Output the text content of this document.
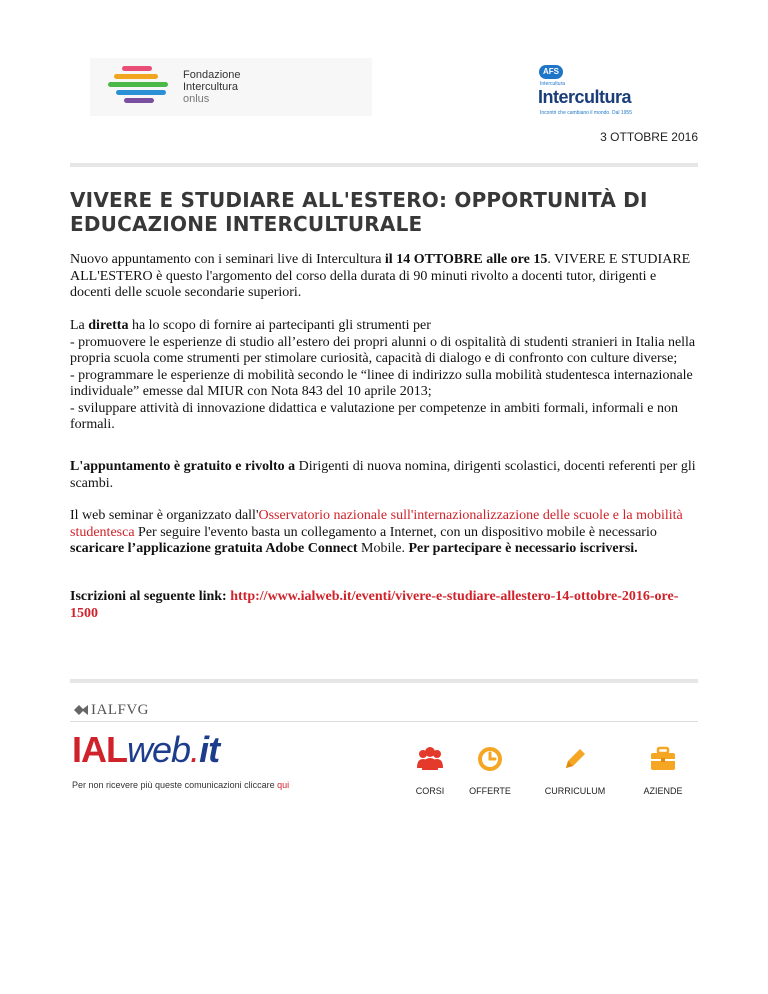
Fondazione
Intercultura
onlus
AFS
Intercultura
Intercultura
Incontri che cambiano il mondo. Dal 1955
3 OTTOBRE 2016
VIVERE E STUDIARE ALL'ESTERO: OPPORTUNITÀ DI EDUCAZIONE INTERCULTURALE

Nuovo appuntamento con i seminari live di Intercultura il 14 OTTOBRE alle ore 15. VIVERE E STUDIARE ALL'ESTERO è questo l'argomento del corso della durata di 90 minuti rivolto a docenti tutor, dirigenti e docenti delle scuole secondarie superiori.

La diretta ha lo scopo di fornire ai partecipanti gli strumenti per
- promuovere le esperienze di studio all’estero dei propri alunni o di ospitalità di studenti stranieri in Italia nella propria scuola come strumenti per stimolare curiosità, capacità di dialogo e di confronto con culture diverse;
- programmare le esperienze di mobilità secondo le “linee di indirizzo sulla mobilità studentesca internazionale individuale” emesse dal MIUR con Nota 843 del 10 aprile 2013;
- sviluppare attività di innovazione didattica e valutazione per competenze in ambiti formali, informali e non formali.

L'appuntamento è gratuito e rivolto a Dirigenti di nuova nomina, dirigenti scolastici, docenti referenti per gli scambi.

Il web seminar è organizzato dall'Osservatorio nazionale sull'internazionalizzazione delle scuole e la mobilità studentesca Per seguire l'evento basta un collegamento a Internet, con un dispositivo mobile è necessario scaricare l’applicazione gratuita Adobe Connect Mobile. Per partecipare è necessario iscriversi.

Iscrizioni al seguente link: http://www.ialweb.it/eventi/vivere-e-studiare-allestero-14-ottobre-2016-ore-1500

IALFVG
IALweb.it
Per non ricevere più queste comunicazioni cliccare qui
CORSI	OFFERTE	CURRICULUM	AZIENDE
